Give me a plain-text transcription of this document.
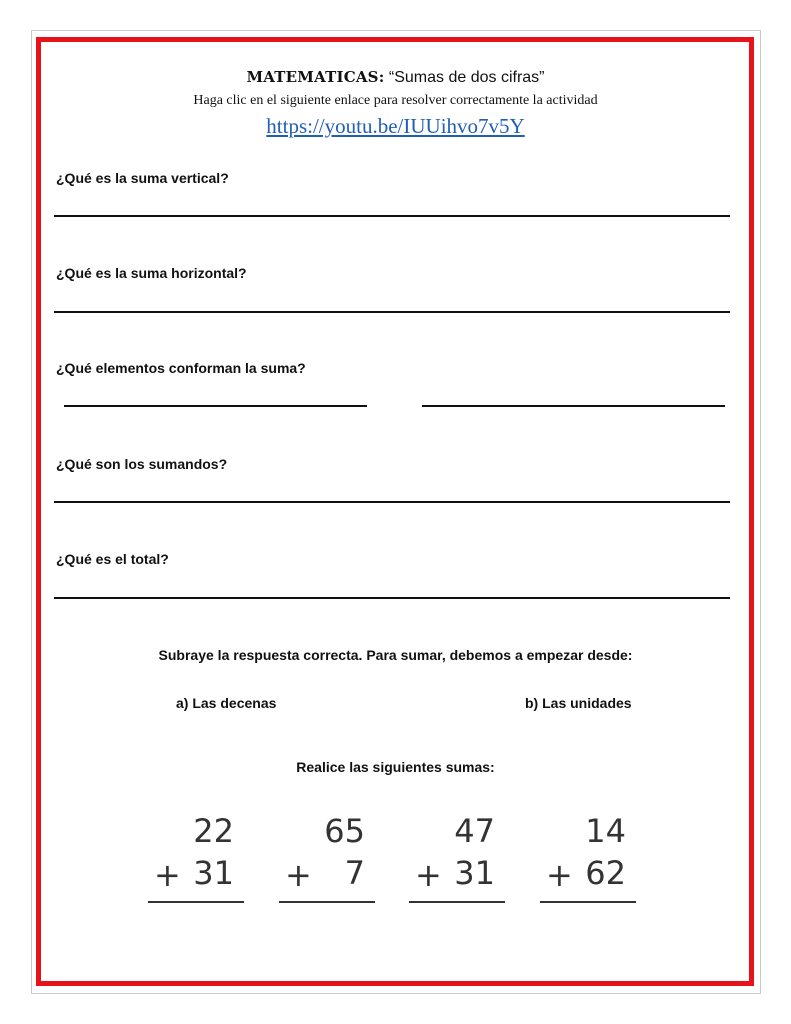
MATEMATICAS: “Sumas de dos cifras”
Haga clic en el siguiente enlace para resolver correctamente la actividad
https://youtu.be/IUUihvo7v5Y
¿Qué es la suma vertical?
¿Qué es la suma horizontal?
¿Qué elementos conforman la suma?
¿Qué son los sumandos?
¿Qué es el total?
Subraye la respuesta correcta. Para sumar, debemos a empezar desde:
a) Las decenas	b) Las unidades
Realice las siguientes sumas:
22
+ 31
65
+ 7
47
+ 31
14
+ 62
